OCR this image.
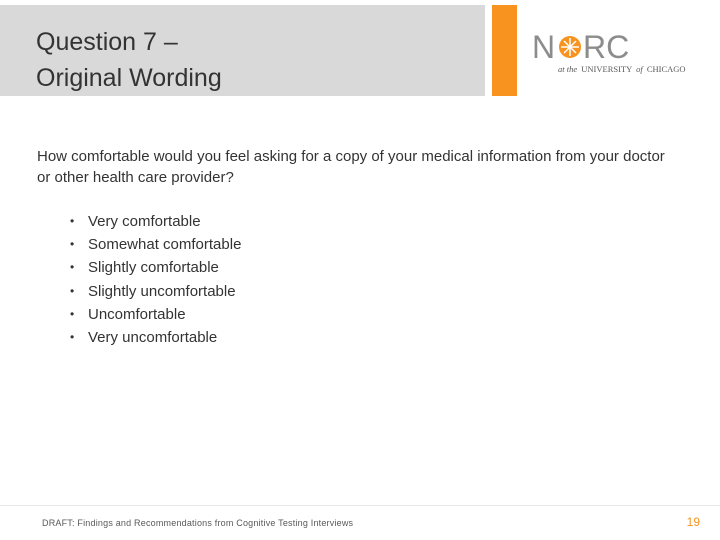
Question 7 –
Original Wording
N RC
at the UNIVERSITY of CHICAGO
How comfortable would you feel asking for a copy of your medical information from your doctor or other health care provider?
• Very comfortable
• Somewhat comfortable
• Slightly comfortable
• Slightly uncomfortable
• Uncomfortable
• Very uncomfortable
DRAFT: Findings and Recommendations from Cognitive Testing Interviews	19
